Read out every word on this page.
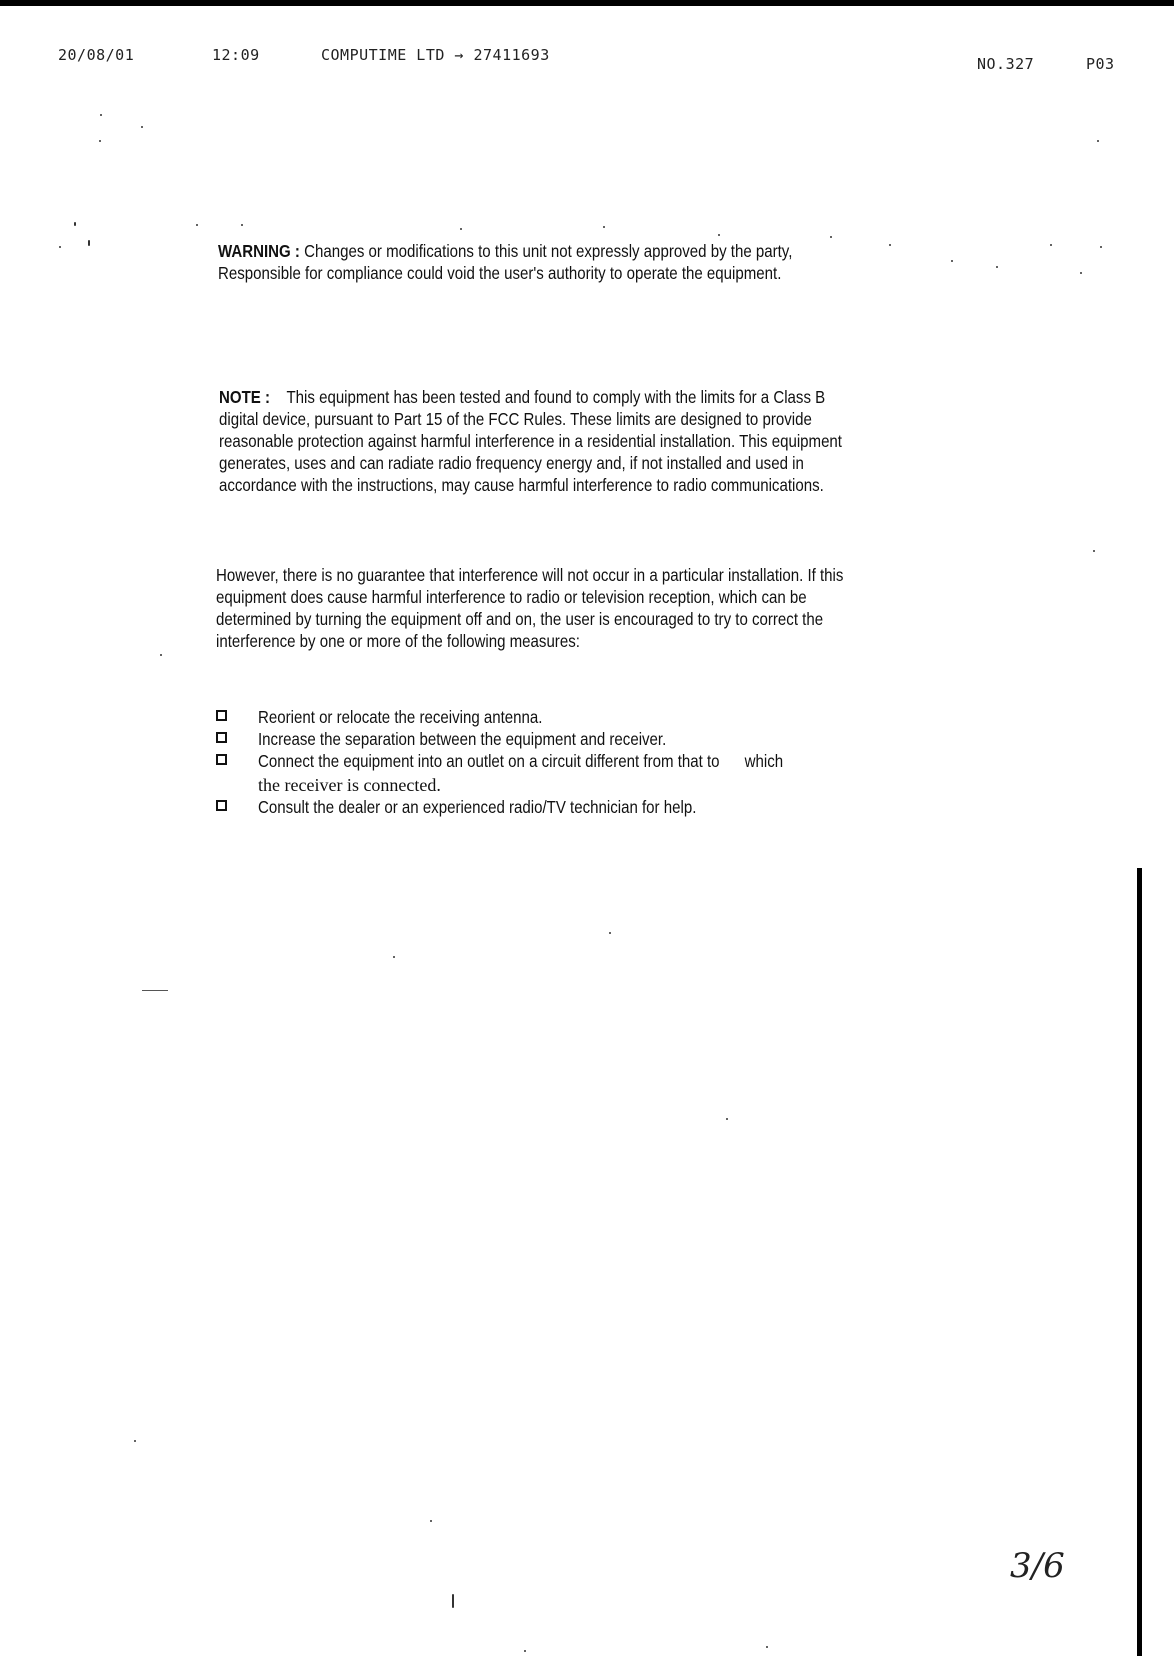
20/08/01	12:09	COMPUTIME LTD → 27411693	NO.327	P03
WARNING : Changes or modifications to this unit not expressly approved by the party, Responsible for compliance could void the user's authority to operate the equipment.
NOTE :    This equipment has been tested and found to comply with the limits for a Class B digital device, pursuant to Part 15 of the FCC Rules. These limits are designed to provide reasonable protection against harmful interference in a residential installation. This equipment generates, uses and can radiate radio frequency energy and, if not installed and used in accordance with the instructions, may cause harmful interference to radio communications.
However, there is no guarantee that interference will not occur in a particular installation. If this equipment does cause harmful interference to radio or television reception, which can be determined by turning the equipment off and on, the user is encouraged to try to correct the interference by one or more of the following measures:
Reorient or relocate the receiving antenna.
Increase the separation between the equipment and receiver.
Connect the equipment into an outlet on a circuit different from that to      which
the receiver is connected.
Consult the dealer or an experienced radio/TV technician for help.
3/6
